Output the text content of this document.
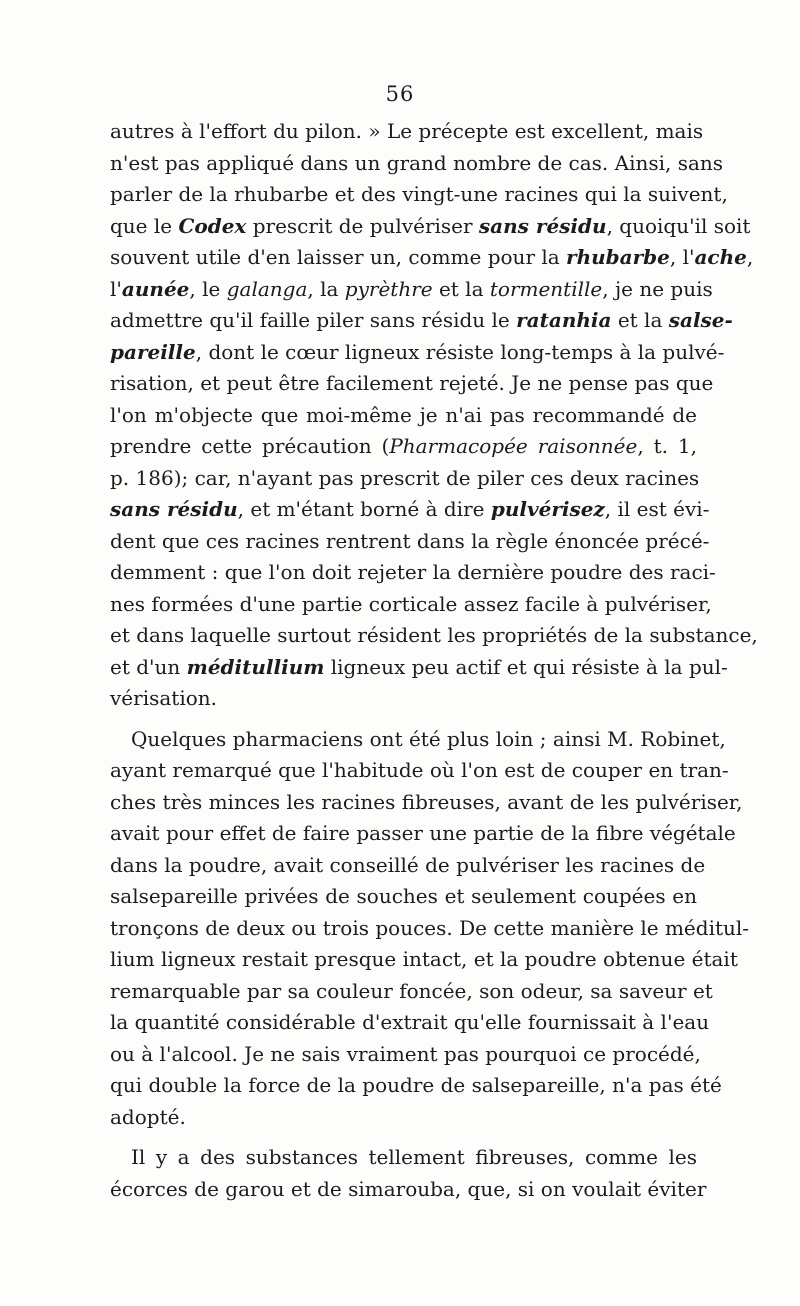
56
autres à l'effort du pilon. » Le précepte est excellent, mais
n'est pas appliqué dans un grand nombre de cas. Ainsi, sans
parler de la rhubarbe et des vingt-une racines qui la suivent,
que le Codex prescrit de pulvériser sans résidu, quoiqu'il soit
souvent utile d'en laisser un, comme pour la rhubarbe, l'ache,
l'aunée, le galanga, la pyrèthre et la tormentille, je ne puis
admettre qu'il faille piler sans résidu le ratanhia et la salse-
pareille, dont le cœur ligneux résiste long-temps à la pulvé-
risation, et peut être facilement rejeté. Je ne pense pas que
l'on m'objecte que moi-même je n'ai pas recommandé de
prendre cette précaution (Pharmacopée raisonnée, t. 1,
p. 186); car, n'ayant pas prescrit de piler ces deux racines
sans résidu, et m'étant borné à dire pulvérisez, il est évi-
dent que ces racines rentrent dans la règle énoncée précé-
demment : que l'on doit rejeter la dernière poudre des raci-
nes formées d'une partie corticale assez facile à pulvériser,
et dans laquelle surtout résident les propriétés de la substance,
et d'un méditullium ligneux peu actif et qui résiste à la pul-
vérisation.
Quelques pharmaciens ont été plus loin ; ainsi M. Robinet,
ayant remarqué que l'habitude où l'on est de couper en tran-
ches très minces les racines fibreuses, avant de les pulvériser,
avait pour effet de faire passer une partie de la fibre végétale
dans la poudre, avait conseillé de pulvériser les racines de
salsepareille privées de souches et seulement coupées en
tronçons de deux ou trois pouces. De cette manière le méditul-
lium ligneux restait presque intact, et la poudre obtenue était
remarquable par sa couleur foncée, son odeur, sa saveur et
la quantité considérable d'extrait qu'elle fournissait à l'eau
ou à l'alcool. Je ne sais vraiment pas pourquoi ce procédé,
qui double la force de la poudre de salsepareille, n'a pas été
adopté.
Il y a des substances tellement fibreuses, comme les
écorces de garou et de simarouba, que, si on voulait éviter
